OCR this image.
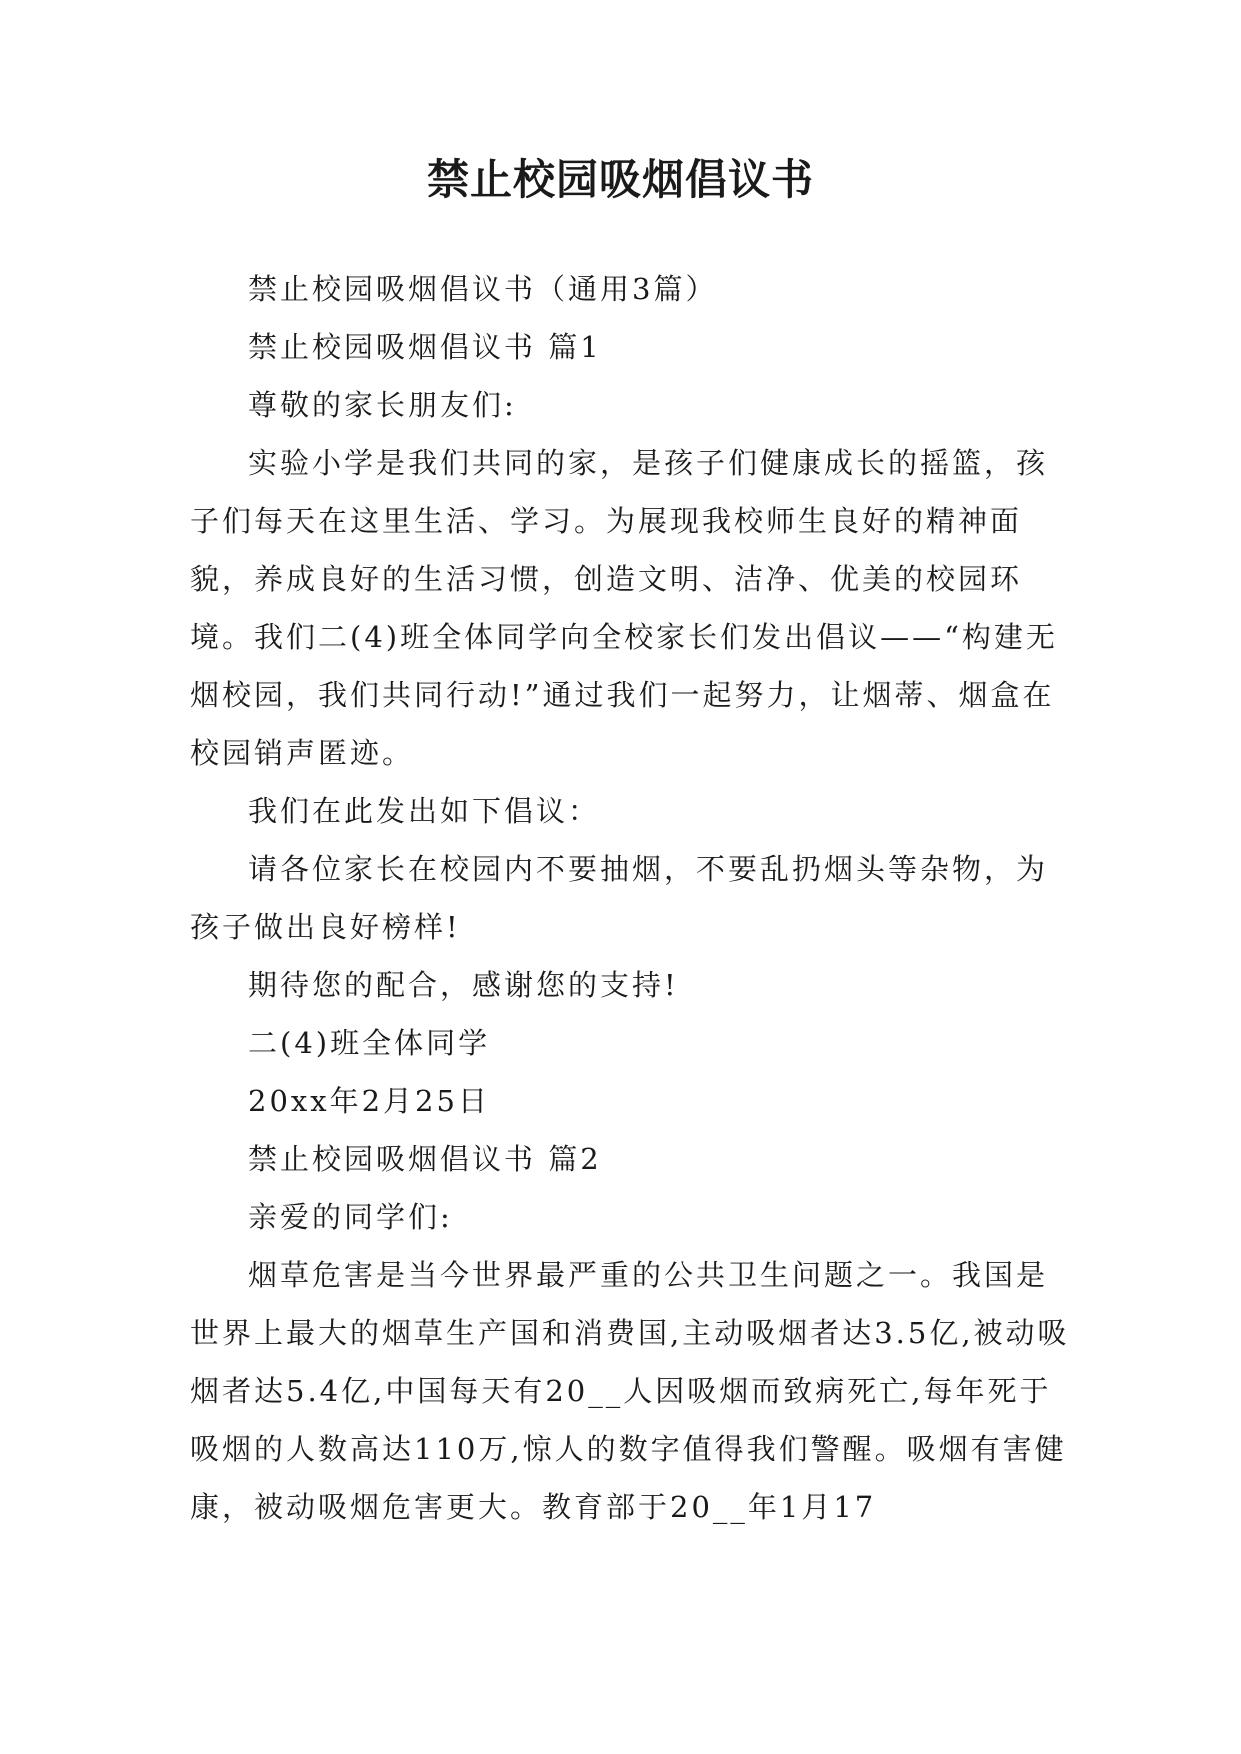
禁止校园吸烟倡议书

禁止校园吸烟倡议书（通用3篇）

禁止校园吸烟倡议书 篇1

尊敬的家长朋友们:

实验小学是我们共同的家，是孩子们健康成长的摇篮，孩子们每天在这里生活、学习。为展现我校师生良好的精神面貌，养成良好的生活习惯，创造文明、洁净、优美的校园环境。我们二(4)班全体同学向全校家长们发出倡议——“构建无烟校园，我们共同行动!”通过我们一起努力，让烟蒂、烟盒在校园销声匿迹。

我们在此发出如下倡议：

请各位家长在校园内不要抽烟，不要乱扔烟头等杂物，为孩子做出良好榜样!

期待您的配合，感谢您的支持!

二(4)班全体同学

20xx年2月25日

禁止校园吸烟倡议书 篇2

亲爱的同学们:

烟草危害是当今世界最严重的公共卫生问题之一。我国是世界上最大的烟草生产国和消费国,主动吸烟者达3.5亿,被动吸烟者达5.4亿,中国每天有20__人因吸烟而致病死亡,每年死于吸烟的人数高达110万,惊人的数字值得我们警醒。吸烟有害健康，被动吸烟危害更大。教育部于20__年1月17
